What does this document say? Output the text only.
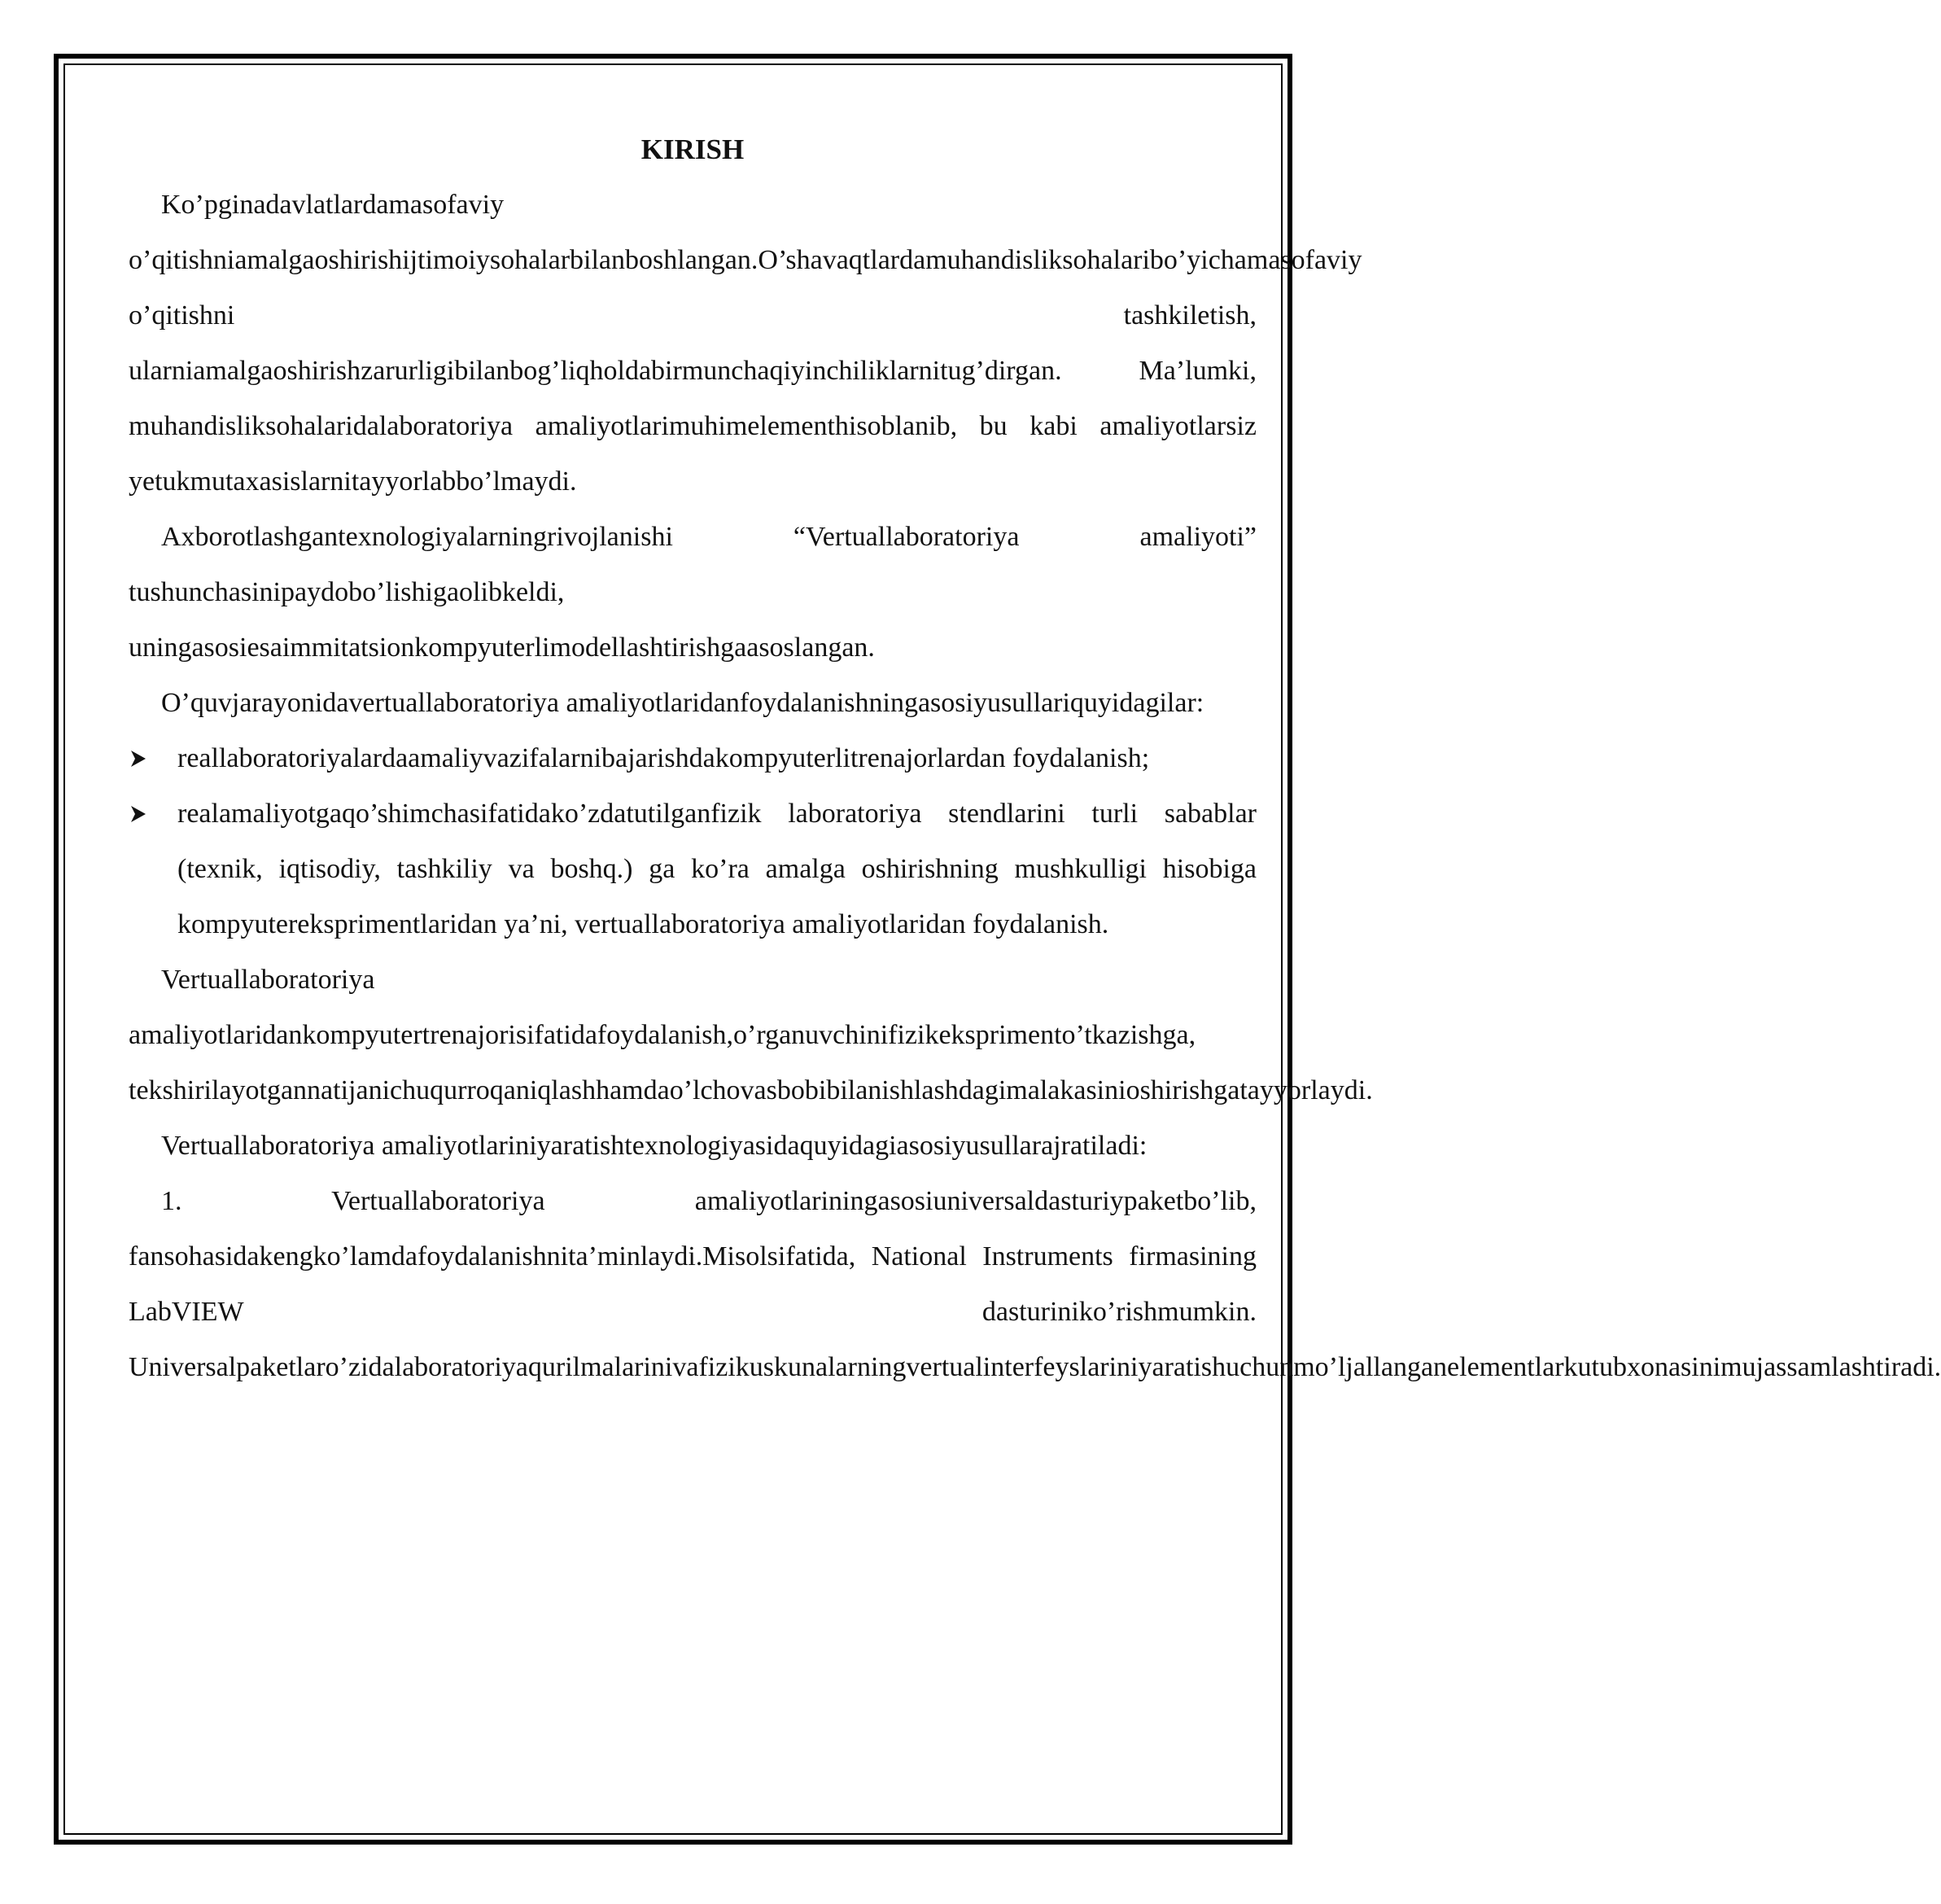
KIRISH

Ko’pginadavlatlardamasofaviy o’qitishniamalgaoshirishijtimoiysohalarbilanboshlangan.O’shavaqtlardamuhandisliksohalaribo’yichamasofaviy o’qitishni tashkiletish, ularniamalgaoshirishzarurligibilanbog’liqholdabirmunchaqiyinchiliklarnitug’dirgan. Ma’lumki, muhandisliksohalaridalaboratoriya amaliyotlarimuhimelementhisoblanib, bu kabi amaliyotlarsiz yetukmutaxasislarnitayyorlabbo’lmaydi.

Axborotlashgantexnologiyalarningrivojlanishi “Vertuallaboratoriya amaliyoti” tushunchasinipaydobo’lishigaolibkeldi, uningasosiesaimmitatsionkompyuterlimodellashtirishgaasoslangan.

O’quvjarayonidavertuallaboratoriya amaliyotlaridanfoydalanishningasosiyusullariquyidagilar:

reallaboratoriyalardaamaliyvazifalarnibajarishdakompyuterlitrenajorlardan foydalanish;
realamaliyotgaqo’shimchasifatidako’zdatutilganfizik laboratoriya stendlarini turli sabablar (texnik, iqtisodiy, tashkiliy va boshq.) ga ko’ra amalga oshirishning mushkulligi hisobiga kompyutereksprimentlaridan ya’ni, vertuallaboratoriya amaliyotlaridan foydalanish.

Vertuallaboratoriya amaliyotlaridankompyutertrenajorisifatidafoydalanish,o’rganuvchinifizikeksprimento’tkazishga, tekshirilayotgannatijanichuqurroqaniqlashhamdao’lchovasbobibilanishlashdagimalakasinioshirishgatayyorlaydi.

Vertuallaboratoriya amaliyotlariniyaratishtexnologiyasidaquyidagiasosiyusullarajratiladi:

1. Vertuallaboratoriya amaliyotlariningasosiuniversaldasturiypaketbo’lib, fansohasidakengko’lamdafoydalanishnita’minlaydi.Misolsifatida, National Instruments firmasining LabVIEW dasturiniko’rishmumkin. Universalpaketlaro’zidalaboratoriyaqurilmalarinivafizikuskunalarningvertualinterfeyslariniyaratishuchunmo’ljallanganelementlarkutubxonasinimujassamlashtiradi.
